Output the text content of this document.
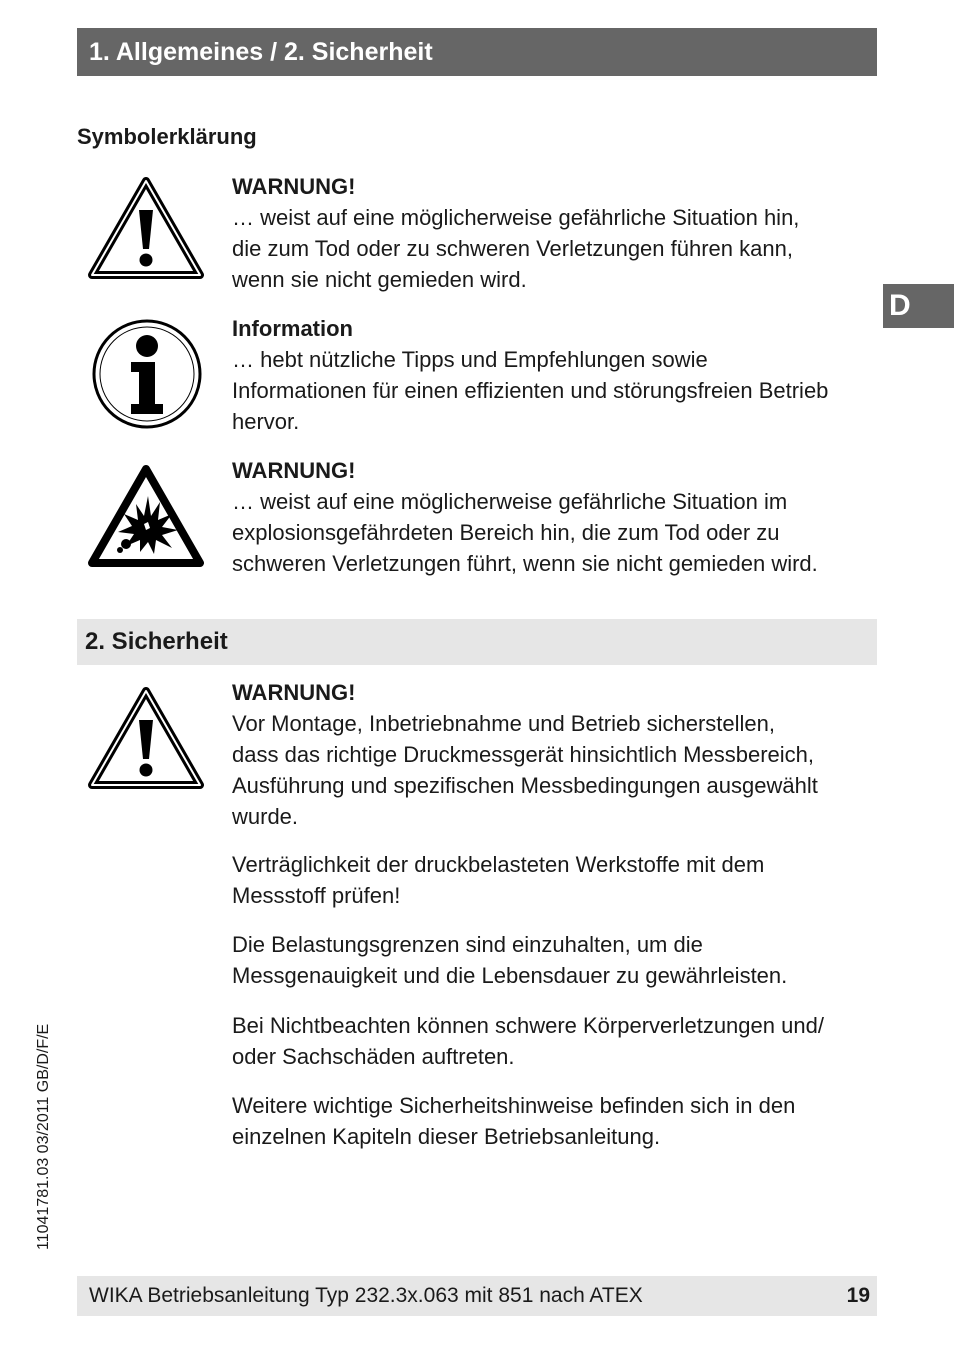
1. Allgemeines / 2. Sicherheit
D
Symbolerklärung
WARNUNG!
… weist auf eine möglicherweise gefährliche Situation hin,
die zum Tod oder zu schweren Verletzungen führen kann,
wenn sie nicht gemieden wird.
Information
… hebt nützliche Tipps und Empfehlungen sowie
Informationen für einen effizienten und störungsfreien Betrieb
hervor.
WARNUNG!
… weist auf eine möglicherweise gefährliche Situation im
explosionsgefährdeten Bereich hin, die zum Tod oder zu
schweren Verletzungen führt, wenn sie nicht gemieden wird.
2. Sicherheit
WARNUNG!
Vor Montage, Inbetriebnahme und Betrieb sicherstellen,
dass das richtige Druckmessgerät hinsichtlich Messbereich,
Ausführung und spezifischen Messbedingungen ausgewählt
wurde.
Verträglichkeit der druckbelasteten Werkstoffe mit dem
Messstoff prüfen!
Die Belastungsgrenzen sind einzuhalten, um die
Messgenauigkeit und die Lebensdauer zu gewährleisten.
Bei Nichtbeachten können schwere Körperverletzungen und/
oder Sachschäden auftreten.
Weitere wichtige Sicherheitshinweise befinden sich in den
einzelnen Kapiteln dieser Betriebsanleitung.
11041781.03 03/2011 GB/D/F/E
WIKA Betriebsanleitung Typ 232.3x.063 mit 851 nach ATEX	19
